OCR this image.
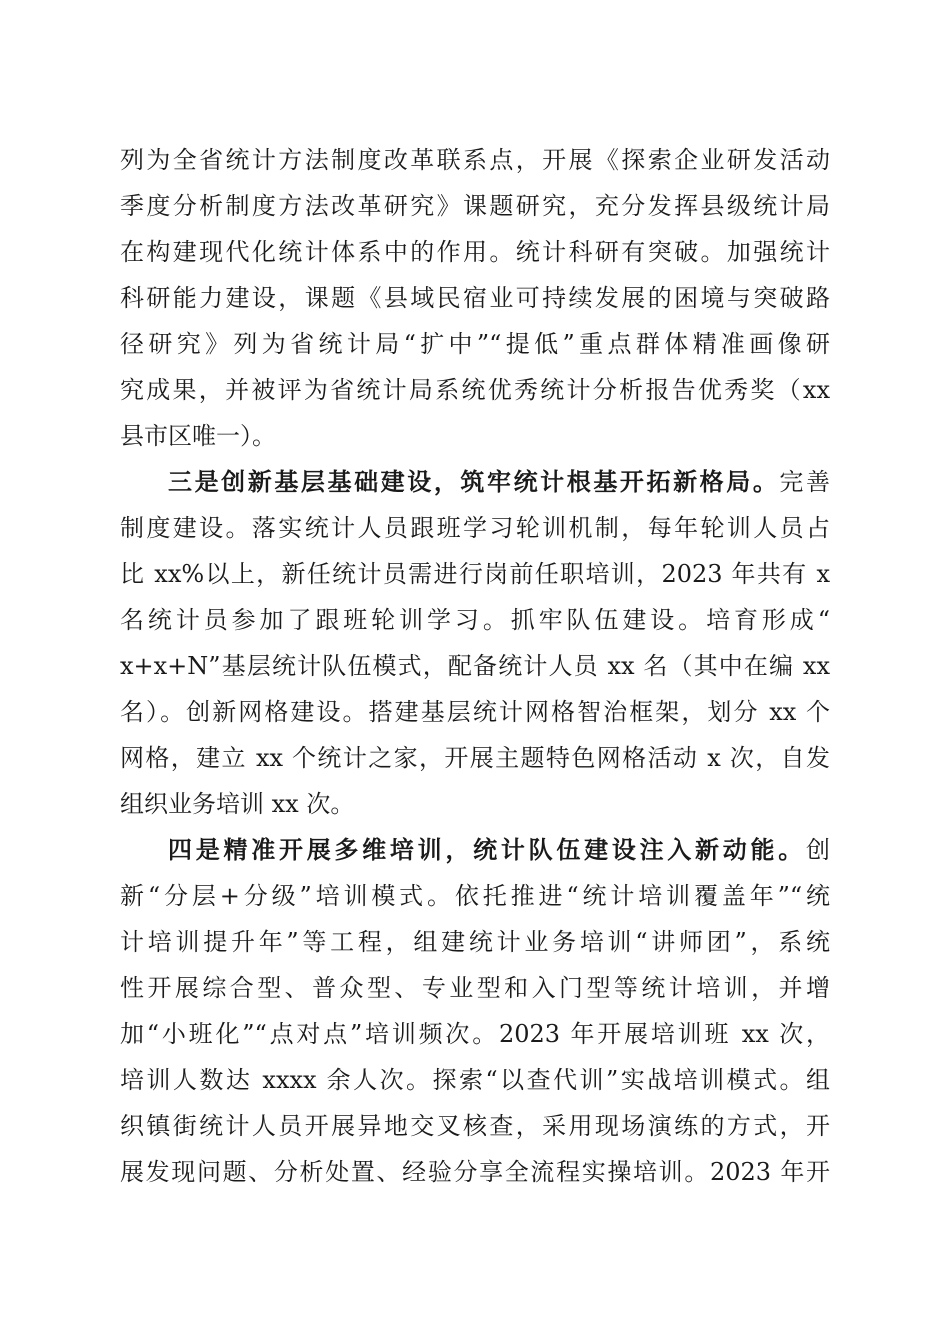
列为全省统计方法制度改革联系点，开展《探索企业研发活动
季度分析制度方法改革研究》课题研究，充分发挥县级统计局
在构建现代化统计体系中的作用。统计科研有突破。加强统计
科研能力建设，课题《县域民宿业可持续发展的困境与突破路
径研究》列为省统计局“扩中”“提低”重点群体精准画像研
究成果，并被评为省统计局系统优秀统计分析报告优秀奖（xx
县市区唯一）。
三是创新基层基础建设，筑牢统计根基开拓新格局。完善
制度建设。落实统计人员跟班学习轮训机制，每年轮训人员占
比 xx%以上，新任统计员需进行岗前任职培训，2023 年共有 x
名统计员参加了跟班轮训学习。抓牢队伍建设。培育形成“
x+x+N”基层统计队伍模式，配备统计人员 xx 名（其中在编 xx
名）。创新网格建设。搭建基层统计网格智治框架，划分 xx 个
网格，建立 xx 个统计之家，开展主题特色网格活动 x 次，自发
组织业务培训 xx 次。
四是精准开展多维培训，统计队伍建设注入新动能。创
新“分层+分级”培训模式。依托推进“统计培训覆盖年”“统
计培训提升年”等工程，组建统计业务培训“讲师团”，系统
性开展综合型、普众型、专业型和入门型等统计培训，并增
加“小班化”“点对点”培训频次。2023 年开展培训班 xx 次，
培训人数达 xxxx 余人次。探索“以查代训”实战培训模式。组
织镇街统计人员开展异地交叉核查，采用现场演练的方式，开
展发现问题、分析处置、经验分享全流程实操培训。2023 年开
